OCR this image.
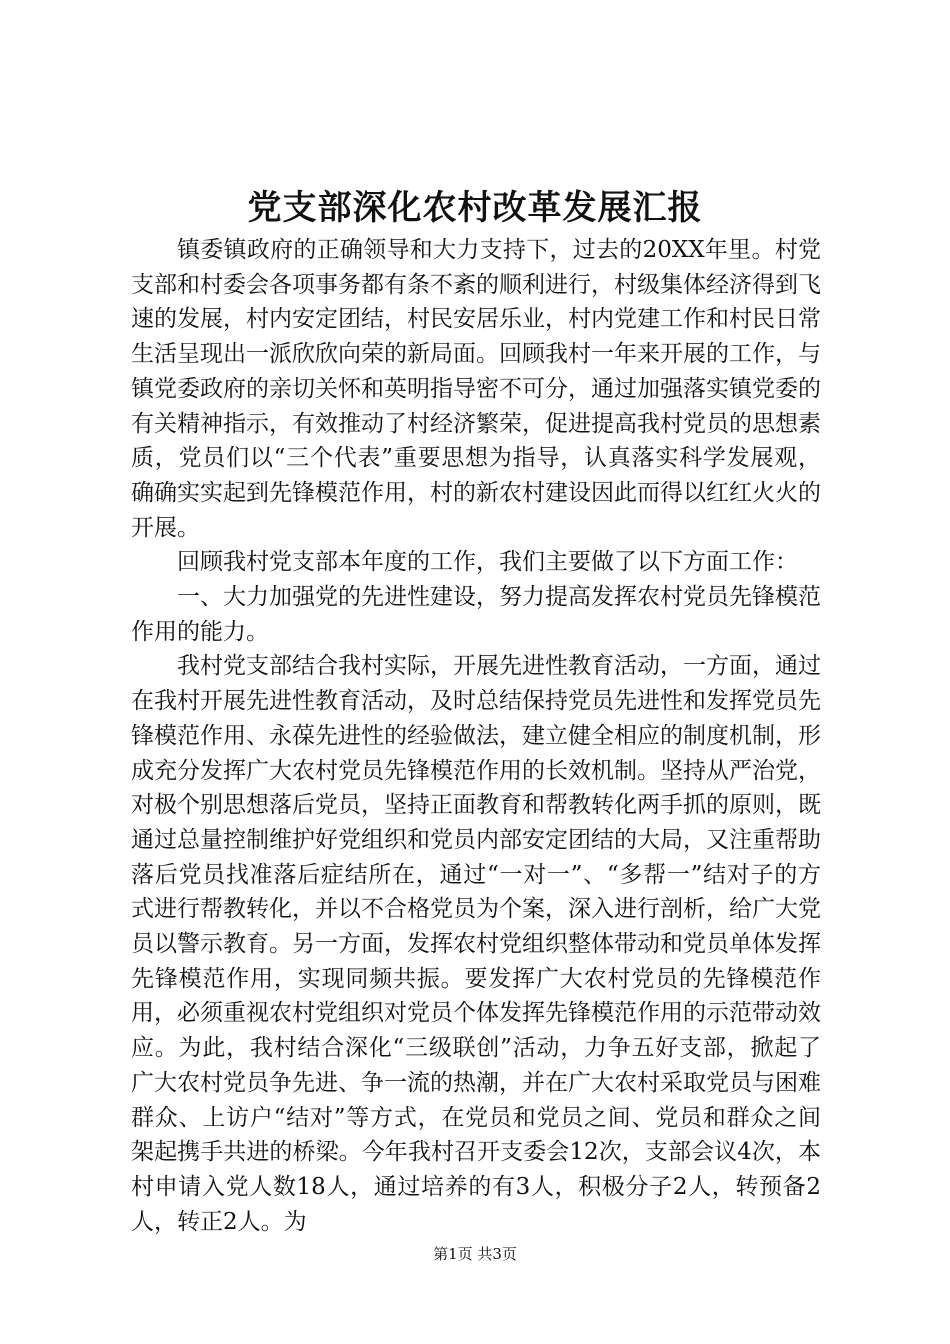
党支部深化农村改革发展汇报

镇委镇政府的正确领导和大力支持下，过去的20XX年里。村党支部和村委会各项事务都有条不紊的顺利进行，村级集体经济得到飞速的发展，村内安定团结，村民安居乐业，村内党建工作和村民日常生活呈现出一派欣欣向荣的新局面。回顾我村一年来开展的工作，与镇党委政府的亲切关怀和英明指导密不可分，通过加强落实镇党委的有关精神指示，有效推动了村经济繁荣，促进提高我村党员的思想素质，党员们以“三个代表”重要思想为指导，认真落实科学发展观，确确实实起到先锋模范作用，村的新农村建设因此而得以红红火火的开展。

回顾我村党支部本年度的工作，我们主要做了以下方面工作：

一、大力加强党的先进性建设，努力提高发挥农村党员先锋模范作用的能力。

我村党支部结合我村实际，开展先进性教育活动，一方面，通过在我村开展先进性教育活动，及时总结保持党员先进性和发挥党员先锋模范作用、永葆先进性的经验做法，建立健全相应的制度机制，形成充分发挥广大农村党员先锋模范作用的长效机制。坚持从严治党，对极个别思想落后党员，坚持正面教育和帮教转化两手抓的原则，既通过总量控制维护好党组织和党员内部安定团结的大局，又注重帮助落后党员找准落后症结所在，通过“一对一”、“多帮一”结对子的方式进行帮教转化，并以不合格党员为个案，深入进行剖析，给广大党员以警示教育。另一方面，发挥农村党组织整体带动和党员单体发挥先锋模范作用，实现同频共振。要发挥广大农村党员的先锋模范作用，必须重视农村党组织对党员个体发挥先锋模范作用的示范带动效应。为此，我村结合深化“三级联创”活动，力争五好支部，掀起了广大农村党员争先进、争一流的热潮，并在广大农村采取党员与困难群众、上访户“结对”等方式，在党员和党员之间、党员和群众之间架起携手共进的桥梁。今年我村召开支委会12次，支部会议4次，本村申请入党人数18人，通过培养的有3人，积极分子2人，转预备2人，转正2人。为

第1页 共3页
